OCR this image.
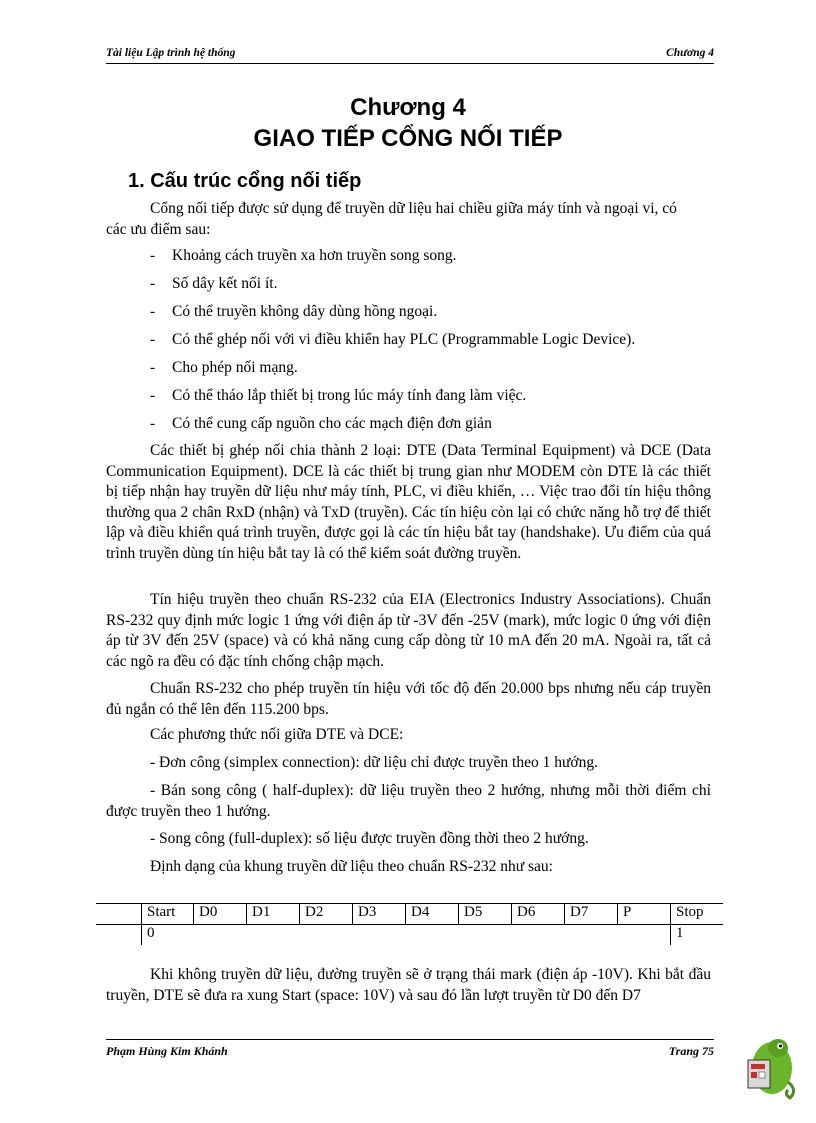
Tài liệu Lập trình hệ thống	Chương 4
Chương 4
GIAO TIẾP CỔNG NỐI TIẾP
1. Cấu trúc cổng nối tiếp

Cổng nối tiếp được sử dụng để truyền dữ liệu hai chiều giữa máy tính và ngoại vi, có

các ưu điểm sau:

- Khoảng cách truyền xa hơn truyền song song.
- Số dây kết nối ít.
- Có thể truyền không dây dùng hồng ngoại.
- Có thể ghép nối với vi điều khiển hay PLC (Programmable Logic Device).
- Cho phép nối mạng.
- Có thể tháo lắp thiết bị trong lúc máy tính đang làm việc.
- Có thể cung cấp nguồn cho các mạch điện đơn giản

Các thiết bị ghép nối chia thành 2 loại: DTE (Data Terminal Equipment) và DCE (Data Communication Equipment). DCE là các thiết bị trung gian như MODEM còn DTE là các thiết bị tiếp nhận hay truyền dữ liệu như máy tính, PLC, vi điều khiển, … Việc trao đổi tín hiệu thông thường qua 2 chân RxD (nhận) và TxD (truyền). Các tín hiệu còn lại có chức năng hỗ trợ để thiết lập và điều khiển quá trình truyền, được gọi là các tín hiệu bắt tay (handshake). Ưu điểm của quá trình truyền dùng tín hiệu bắt tay là có thể kiểm soát đường truyền.

Tín hiệu truyền theo chuẩn RS-232 của EIA (Electronics Industry Associations). Chuẩn RS-232 quy định mức logic 1 ứng với điện áp từ -3V đến -25V (mark), mức logic 0 ứng với điện áp từ 3V đến 25V (space) và có khả năng cung cấp dòng từ 10 mA đến 20 mA. Ngoài ra, tất cả các ngõ ra đều có đặc tính chống chập mạch.

Chuẩn RS-232 cho phép truyền tín hiệu với tốc độ đến 20.000 bps nhưng nếu cáp truyền đủ ngắn có thể lên đến 115.200 bps.

Các phương thức nối giữa DTE và DCE:

- Đơn công (simplex connection): dữ liệu chỉ được truyền theo 1 hướng.

- Bán song công ( half-duplex): dữ liệu truyền theo 2 hướng, nhưng mỗi thời điểm chỉ được truyền theo 1 hướng.

- Song công (full-duplex): số liệu được truyền đồng thời theo 2 hướng.

Định dạng của khung truyền dữ liệu theo chuẩn RS-232 như sau:

	Start	D0	D1	D2	D3	D4	D5	D6	D7	P	Stop
	0										1

Khi không truyền dữ liệu, đường truyền sẽ ở trạng thái mark (điện áp -10V). Khi bắt đầu truyền, DTE sẽ đưa ra xung Start (space: 10V) và sau đó lần lượt truyền từ D0 đến D7

Phạm Hùng Kim Khánh	Trang 75
